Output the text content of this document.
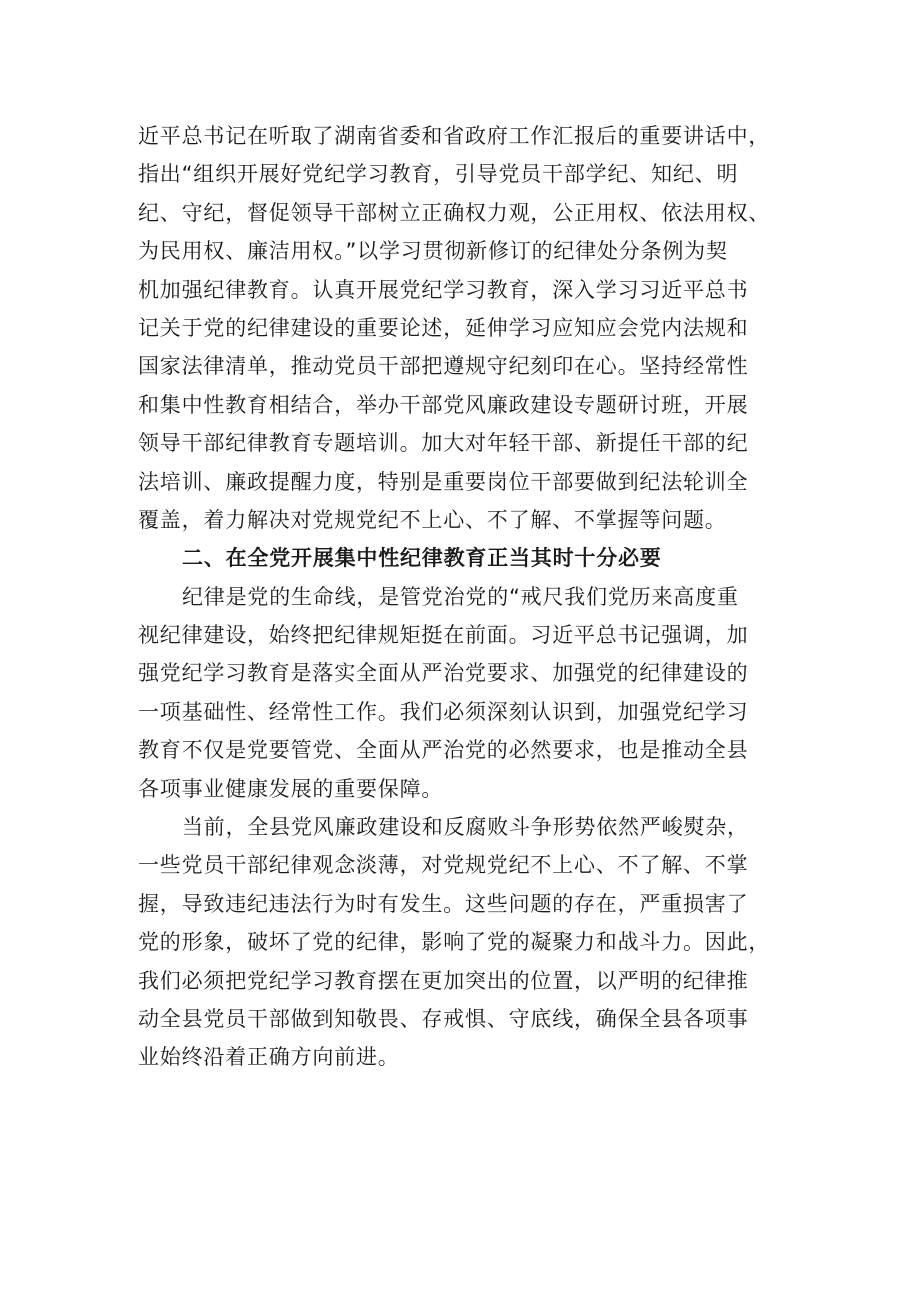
近平总书记在听取了湖南省委和省政府工作汇报后的重要讲话中，
指出“组织开展好党纪学习教育，引导党员干部学纪、知纪、明
纪、守纪，督促领导干部树立正确权力观，公正用权、依法用权、
为民用权、廉洁用权。”以学习贯彻新修订的纪律处分条例为契
机加强纪律教育。认真开展党纪学习教育，深入学习习近平总书
记关于党的纪律建设的重要论述，延伸学习应知应会党内法规和
国家法律清单，推动党员干部把遵规守纪刻印在心。坚持经常性
和集中性教育相结合，举办干部党风廉政建设专题研讨班，开展
领导干部纪律教育专题培训。加大对年轻干部、新提任干部的纪
法培训、廉政提醒力度，特别是重要岗位干部要做到纪法轮训全
覆盖，着力解决对党规党纪不上心、不了解、不掌握等问题。
二、在全党开展集中性纪律教育正当其时十分必要
纪律是党的生命线，是管党治党的“戒尺我们党历来高度重
视纪律建设，始终把纪律规矩挺在前面。习近平总书记强调，加
强党纪学习教育是落实全面从严治党要求、加强党的纪律建设的
一项基础性、经常性工作。我们必须深刻认识到，加强党纪学习
教育不仅是党要管党、全面从严治党的必然要求，也是推动全县
各项事业健康发展的重要保障。
当前，全县党风廉政建设和反腐败斗争形势依然严峻熨杂，
一些党员干部纪律观念淡薄，对党规党纪不上心、不了解、不掌
握，导致违纪违法行为时有发生。这些问题的存在，严重损害了
党的形象，破坏了党的纪律，影响了党的凝聚力和战斗力。因此，
我们必须把党纪学习教育摆在更加突出的位置，以严明的纪律推
动全县党员干部做到知敬畏、存戒惧、守底线，确保全县各项事
业始终沿着正确方向前进。
